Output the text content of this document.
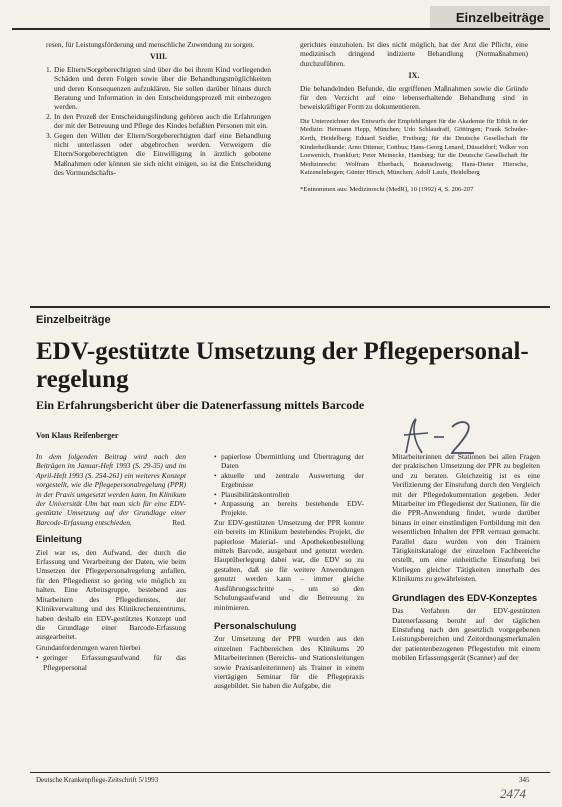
Einzelbeiträge

resen, für Leistungsförderung und menschliche Zuwendung zu sorgen.

VIII.
1. Die Eltern/Sorgeberechtigten sind über die bei ihrem Kind vorliegenden Schäden und deren Folgen sowie über die Behandlungsmöglichkeiten und deren Konsequenzen aufzuklären. Sie sollen darüber hinaus durch Beratung und Information in den Entscheidungsprozeß mit einbezogen werden.
2. In den Prozeß der Entscheidungsfindung gehören auch die Erfahrungen der mit der Betreuung und Pflege des Kindes befaßten Personen mit ein.
3. Gegen den Willen der Eltern/Sorgeberechtigten darf eine Behandlung nicht unterlassen oder abgebrochen werden. Verweigern die Eltern/Sorgeberechtigten die Einwilligung in ärztlich gebotene Maßnahmen oder können sie sich nicht einigen, so ist die Entscheidung des Vormundschafts-

gerichtes einzuholen. Ist dies nicht möglich, hat der Arzt die Pflicht, eine medizinisch dringend indizierte Behandlung (Notmaßnahmen) durchzuführen.

IX.

Die behandelnden Befunde, die ergriffenen Maßnahmen sowie die Gründe für den Verzicht auf eine lebenserhaltende Behandlung sind in beweiskräftiger Form zu dokumentieren.

Die Unterzeichner des Entwurfs der Empfehlungen für die Akademie für Ethik in der Medizin: Hermann Hepp, München; Udo Schlaudraff, Göttingen; Frank Schuder-Kerth, Heidelberg; Eduard Seidler, Freiburg; für die Deutsche Gesellschaft für Kinderheilkunde: Arno Dittmer, Cottbus; Hans-Georg Lenard, Düsseldorf; Volker von Loewenich, Frankfurt; Peter Meinecke, Hamburg; für die Deutsche Gesellschaft für Medizinrecht: Wolfram Eberbach, Braunschweig; Hans-Dieter Hiersche, Katzenelnbogen; Günter Hirsch, München; Adolf Laufs, Heidelberg

*Entnommen aus: Medizinrecht (MedR), 10 (1992) 4, S. 206-207

Einzelbeiträge
EDV-gestützte Umsetzung der Pflegepersonal-regelung
Ein Erfahrungsbericht über die Datenerfassung mittels Barcode
Von Klaus Reifenberger

In dem folgenden Beitrag wird nach den Beiträgen im Januar-Heft 1993 (S. 29-35) und im April-Heft 1993 (S. 254-261) ein weiteres Konzept vorgestellt, wie die Pflegepersonalregelung (PPR) in der Praxis umgesetzt werden kann. Im Klinikum der Universität Ulm hat man sich für eine EDV-gestützte Umsetzung auf der Grundlage einer Barcode-Erfassung entschieden.	Red.

Einleitung

Ziel war es, den Aufwand, der durch die Erfassung und Verarbeitung der Daten, wie beim Umsetzen der Pflegepersonalregelung anfallen, für den Pflegedienst so gering wie möglich zu halten. Eine Arbeitsgruppe, bestehend aus Mitarbeitern des Pflegedienstes, der Klinikverwaltung und des Klinikrechenzentrums, haben deshalb ein EDV-gestütztes Konzept und die Grundlage einer Barcode-Erfassung ausgearbeitet.

Grundanforderungen waren hierbei

• geringer Erfassungsaufwand für das Pflegepersonal
• papierlose Übermittlung und Übertragung der Daten
• aktuelle und zentrale Auswertung der Ergebnisse
• Plausibilitätskontrollen
• Anpassung an bereits bestehende EDV-Projekte.

Zur EDV-gestützten Umsetzung der PPR konnte ein bereits im Klinikum bestehendes Projekt, die papierlose Material- und Apothekenbestellung mittels Barcode, ausgebaut und genutzt werden. Hauptüberlegung dabei war, die EDV so zu gestalten, daß sie für weitere Anwendungen genutzt werden kann – immer gleiche Ausführungsschritte –, um so den Schulungsaufwand und die Betreuung zu minimieren.

Personalschulung

Zur Umsetzung der PPR wurden aus den einzelnen Fachbereichen des Klinikums 20 Mitarbeiterinnen (Bereichs- und Stationsleitungen sowie Praxisanleiterinnen) als Trainer in einem viertägigen Seminar für die Pflegepraxis ausgebildet. Sie haben die Aufgabe, die

Mitarbeiterinnen der Stationen bei allen Fragen der praktischen Umsetzung der PPR zu begleiten und zu beraten. Gleichzeitig ist es eine Verifizierung der Einstufung durch den Vergleich mit der Pflegedokumentation gegeben. Jeder Mitarbeiter im Pflegedienst der Stationen, für die die PPR-Anwendung findet, wurde darüber hinaus in einer einstündigen Fortbildung mit den wesentlichen Inhalten der PPR vertraut gemacht. Parallel dazu wurden von den Trainern Tätigkeitskataloge der einzelnen Fachbereiche erstellt, um eine einheitliche Einstufung bei Vorliegen gleicher Tätigkeiten innerhalb des Klinikums zu gewährleisten.

Grundlagen des EDV-Konzeptes

Das Verfahren der EDV-gestützten Datenerfassung beruht auf der täglichen Einstufung nach den gesetzlich vorgegebenen Leistungsbereichen und Zeitordnungsmerkmalen der patientenbezogenen Pflegestufen mit einem mobilen Erfassungsgerät (Scanner) auf der

Deutsche Krankenpflege-Zeitschrift 5/1993	345
2474
